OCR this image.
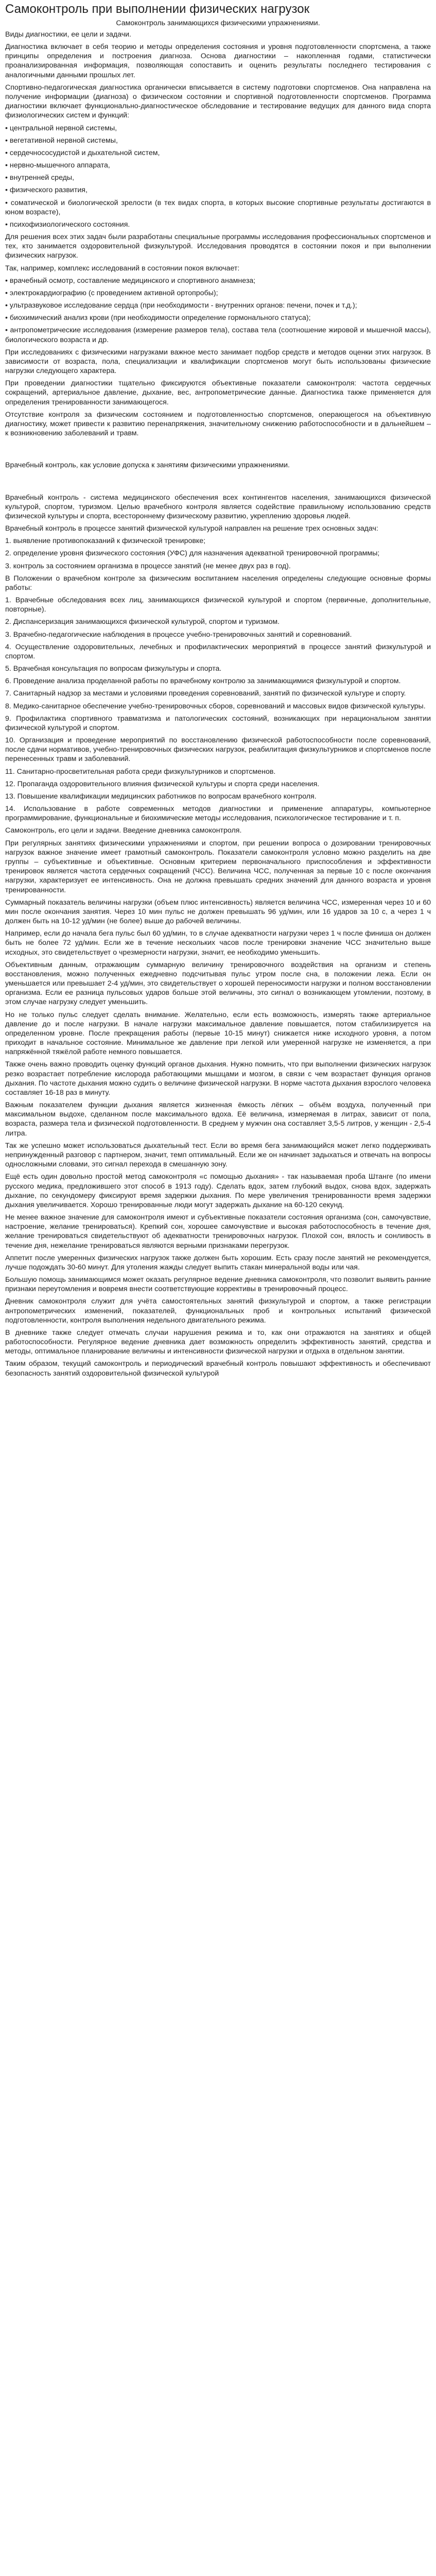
Самоконтроль при выполнении физических нагрузок
Самоконтроль занимающихся физическими упражнениями.

Виды диагностики, ее цели и задачи.

Диагностика включает в себя теорию и методы определения состояния и уровня подготовленности спортсмена, а также принципы определения и построения диагноза. Основа диагностики – накопленная годами, статистически проанализированная информация, позволяющая сопоставить и оценить результаты последнего тестирования с аналогичными данными прошлых лет.

Спортивно-педагогическая диагностика органически вписывается в систему подготовки спортсменов. Она направлена на получение информации (диагноза) о физическом состоянии и спортивной подготовленности спортсменов. Программа диагностики включает функционально-диагностическое обследование и тестирование ведущих для данного вида спорта физиологических систем и функций:

• центральной нервной системы,

• вегетативной нервной системы,

• сердечнососудистой и дыхательной систем,

• нервно-мышечного аппарата,

• внутренней среды,

• физического развития,

• соматической и биологической зрелости (в тех видах спорта, в которых высокие спортивные результаты достигаются в юном возрасте),

• психофизиологического состояния.

Для решения всех этих задач были разработаны специальные программы исследования профессиональных спортсменов и тех, кто занимается оздоровительной физкультурой. Исследования проводятся в состоянии покоя и при выполнении физических нагрузок.

Так, например, комплекс исследований в состоянии покоя включает:

• врачебный осмотр, составление медицинского и спортивного анамнеза;

• электрокардиографию (с проведением активной ортопробы);

• ультразвуковое исследование сердца (при необходимости - внутренних органов: печени, почек и т.д.);

• биохимический анализ крови (при необходимости определение гормонального статуса);

• антропометрические исследования (измерение размеров тела), состава тела (соотношение жировой и мышечной массы), биологического возраста и др.

При исследованиях с физическими нагрузками важное место занимает подбор средств и методов оценки этих нагрузок. В зависимости от возраста, пола, специализации и квалификации спортсменов могут быть использованы физические нагрузки следующего характера.

При проведении диагностики тщательно фиксируются объективные показатели самоконтроля: частота сердечных сокращений, артериальное давление, дыхание, вес, антропометрические данные. Диагностика также применяется для определения тренированности занимающегося.

Отсутствие контроля за физическим состоянием и подготовленностью спортсменов, операющегося на объективную диагностику, может привести к развитию перенапряжения, значительному снижению работоспособности и в дальнейшем – к возникновению заболеваний и травм.

Врачебный контроль, как условие допуска к занятиям физическими упражнениями.

Врачебный контроль - система медицинского обеспечения всех контингентов населения, занимающихся физической культурой, спортом, туризмом. Целью врачебного контроля является содействие правильному использованию средств физической культуры и спорта, всестороннему физическому развитию, укреплению здоровья людей.

Врачебный контроль в процессе занятий физической культурой направлен на решение трех основных задач:

1. выявление противопоказаний к физической тренировке;

2. определение уровня физического состояния (УФС) для назначения адекватной тренировочной программы;

3. контроль за состоянием организма в процессе занятий (не менее двух раз в год).

В Положении о врачебном контроле за физическим воспитанием населения определены следующие основные формы работы:

1. Врачебные обследования всех лиц, занимающихся физической культурой и спортом (первичные, дополнительные, повторные).

2. Диспансеризация занимающихся физической культурой, спортом и туризмом.

3. Врачебно-педагогические наблюдения в процессе учебно-тренировочных занятий и соревнований.

4. Осуществление оздоровительных, лечебных и профилактических мероприятий в процессе занятий физкультурой и спортом.

5. Врачебная консультация по вопросам физкультуры и спорта.

6. Проведение анализа проделанной работы по врачебному контролю за занимающимися физкультурой и спортом.

7. Санитарный надзор за местами и условиями проведения соревнований, занятий по физической культуре и спорту.

8. Медико-санитарное обеспечение учебно-тренировочных сборов, соревнований и массовых видов физической культуры.

9. Профилактика спортивного травматизма и патологических состояний, возникающих при нерациональном занятии физической культурой и спортом.

10. Организация и проведение мероприятий по восстановлению физической работоспособности после соревнований, после сдачи нормативов, учебно-тренировочных физических нагрузок, реабилитация физкультурников и спортсменов после перенесенных травм и заболеваний.

11. Санитарно-просветительная работа среди физкультурников и спортсменов.

12. Пропаганда оздоровительного влияния физической культуры и спорта среди населения.

13. Повышение квалификации медицинских работников по вопросам врачебного контроля.

14. Использование в работе современных методов диагностики и применение аппаратуры, компьютерное программирование, функциональные и биохимические методы исследования, психологическое тестирование и т. п.

Самоконтроль, его цели и задачи. Введение дневника самоконтроля.

При регулярных занятиях физическими упражнениями и спортом, при решении вопроса о дозировании тренировочных нагрузок важное значение имеет грамотный самоконтроль. Показатели самоконтроля условно можно разделить на две группы – субъективные и объективные. Основным критерием первоначального приспособления и эффективности тренировок является частота сердечных сокращений (ЧСС). Величина ЧСС, полученная за первые 10 с после окончания нагрузки, характеризует ее интенсивность. Она не должна превышать средних значений для данного возраста и уровня тренированности.

Суммарный показатель величины нагрузки (объем плюс интенсивность) является величина ЧСС, измеренная через 10 и 60 мин после окончания занятия. Через 10 мин пульс не должен превышать 96 уд/мин, или 16 ударов за 10 с, а через 1 ч должен быть на 10-12 уд/мин (не более) выше до рабочей величины.

Например, если до начала бега пульс был 60 уд/мин, то в случае адекватности нагрузки через 1 ч после финиша он должен быть не более 72 уд/мин. Если же в течение нескольких часов после тренировки значение ЧСС значительно выше исходных, это свидетельствует о чрезмерности нагрузки, значит, ее необходимо уменьшить.

Объективным данным, отражающим суммарную величину тренировочного воздействия на организм и степень восстановления, можно полученных ежедневно подсчитывая пульс утром после сна, в положении лежа. Если он уменьшается или превышает 2-4 уд/мин, это свидетельствует о хорошей переносимости нагрузки и полном восстановлении организма. Если ее разница пульсовых ударов больше этой величины, это сигнал о возникающем утомлении, поэтому, в этом случае нагрузку следует уменьшить.

Но не только пульс следует сделать внимание. Желательно, если есть возможность, измерять также артериальное давление до и после нагрузки. В начале нагрузки максимальное давление повышается, потом стабилизируется на определенном уровне. После прекращения работы (первые 10-15 минут) снижается ниже исходного уровня, а потом приходит в начальное состояние. Минимальное же давление при легкой или умеренной нагрузке не изменяется, а при напряжённой тяжёлой работе немного повышается.

Также очень важно проводить оценку функций органов дыхания. Нужно помнить, что при выполнении физических нагрузок резко возрастает потребление кислорода работающими мышцами и мозгом, в связи с чем возрастает функция органов дыхания. По частоте дыхания можно судить о величине физической нагрузки. В норме частота дыхания взрослого человека составляет 16-18 раз в минуту.

Важным показателем функции дыхания является жизненная ёмкость лёгких – объём воздуха, полученный при максимальном выдохе, сделанном после максимального вдоха. Её величина, измеряемая в литрах, зависит от пола, возраста, размера тела и физической подготовленности. В среднем у мужчин она составляет 3,5-5 литров, у женщин - 2,5-4 литра.

Так же успешно может использоваться дыхательный тест. Если во время бега занимающийся может легко поддерживать непринужденный разговор с партнером, значит, темп оптимальный. Если же он начинает задыхаться и отвечать на вопросы односложными словами, это сигнал перехода в смешанную зону.

Ещё есть один довольно простой метод самоконтроля «с помощью дыхания» - так называемая проба Штанге (по имени русского медика, предложившего этот способ в 1913 году). Сделать вдох, затем глубокий выдох, снова вдох, задержать дыхание, по секундомеру фиксируют время задержки дыхания. По мере увеличения тренированности время задержки дыхания увеличивается. Хорошо тренированные люди могут задержать дыхание на 60-120 секунд.

Не менее важное значение для самоконтроля имеют и субъективные показатели состояния организма (сон, самочувствие, настроение, желание тренироваться). Крепкий сон, хорошее самочувствие и высокая работоспособность в течение дня, желание тренироваться свидетельствуют об адекватности тренировочных нагрузок. Плохой сон, вялость и сонливость в течение дня, нежелание тренироваться являются верными признаками перегрузок.

Аппетит после умеренных физических нагрузок также должен быть хорошим. Есть сразу после занятий не рекомендуется, лучше подождать 30-60 минут. Для утоления жажды следует выпить стакан минеральной воды или чая.

Большую помощь занимающимся может оказать регулярное ведение дневника самоконтроля, что позволит выявить ранние признаки переутомления и вовремя внести соответствующие коррективы в тренировочный процесс.

Дневник самоконтроля служит для учёта самостоятельных занятий физкультурой и спортом, а также регистрации антропометрических изменений, показателей, функциональных проб и контрольных испытаний физической подготовленности, контроля выполнения недельного двигательного режима.

В дневнике также следует отмечать случаи нарушения режима и то, как они отражаются на занятиях и общей работоспособности. Регулярное ведение дневника дает возможность определить эффективность занятий, средства и методы, оптимальное планирование величины и интенсивности физической нагрузки и отдыха в отдельном занятии.

Таким образом, текущий самоконтроль и периодический врачебный контроль повышают эффективность и обеспечивают безопасность занятий оздоровительной физической культурой
